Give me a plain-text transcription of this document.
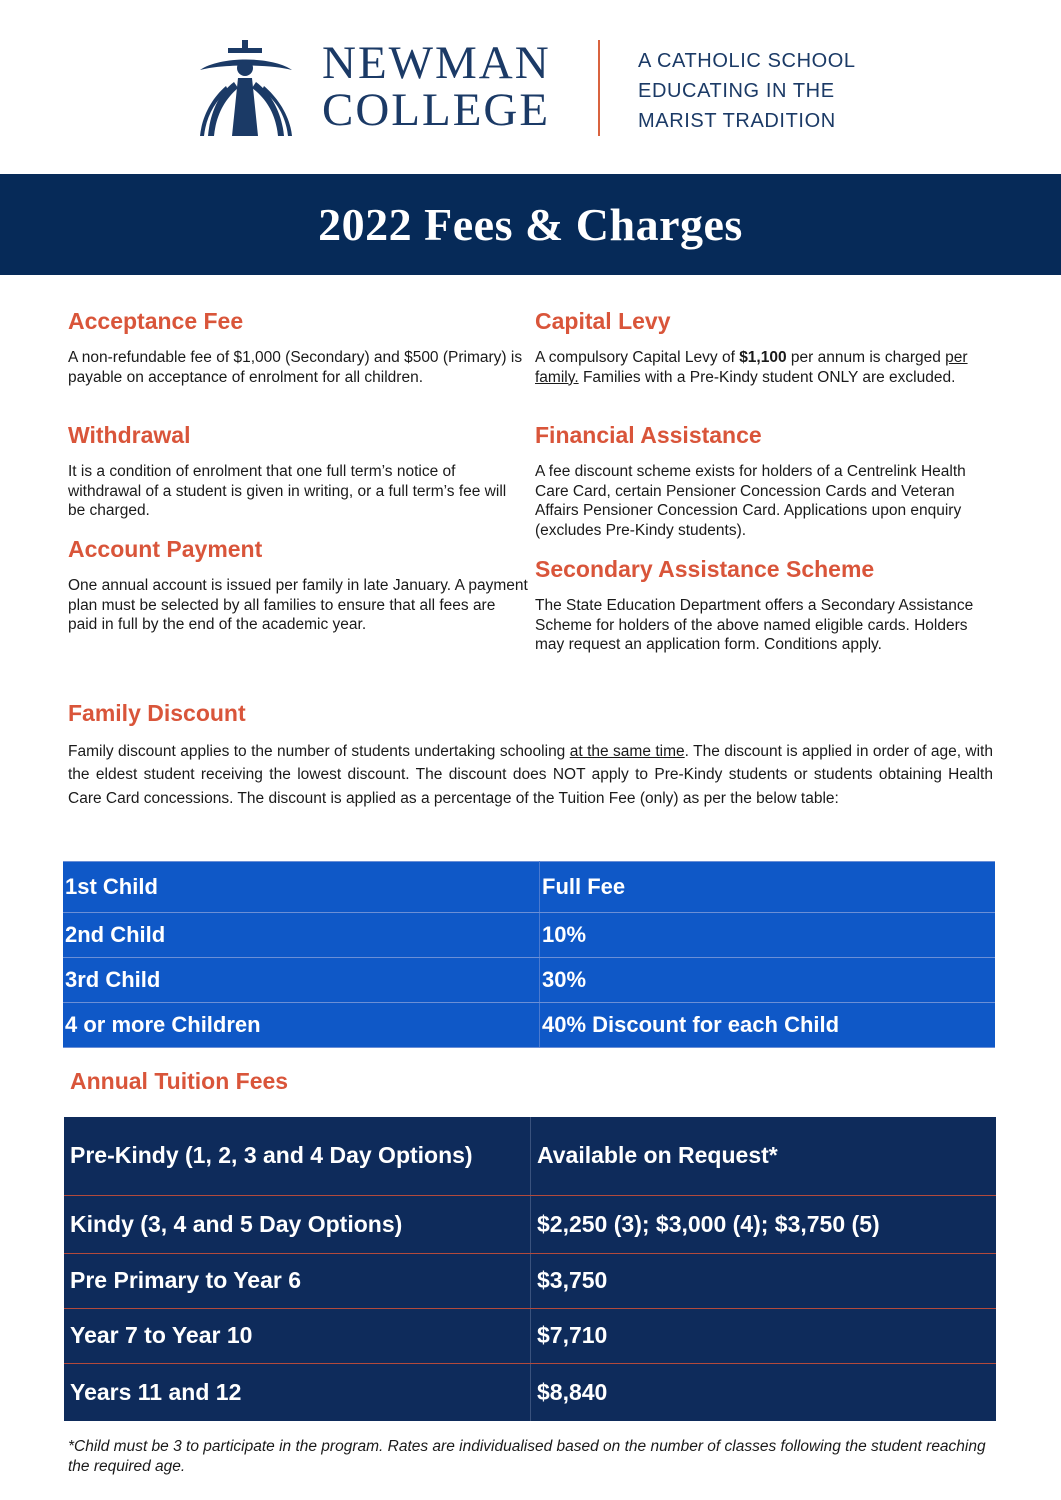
NEWMAN
COLLEGE
A CATHOLIC SCHOOL
EDUCATING IN THE
MARIST TRADITION
2022 Fees & Charges
Acceptance Fee

A non-refundable fee of $1,000 (Secondary) and $500 (Primary) is payable on acceptance of enrolment for all children.

Withdrawal

It is a condition of enrolment that one full term’s notice of withdrawal of a student is given in writing, or a full term’s fee will be charged.

Account Payment

One annual account is issued per family in late January. A payment plan must be selected by all families to ensure that all fees are paid in full by the end of the academic year.

Capital Levy

A compulsory Capital Levy of $1,100 per annum is charged per family. Families with a Pre-Kindy student ONLY are excluded.

Financial Assistance

A fee discount scheme exists for holders of a Centrelink Health Care Card, certain Pensioner Concession Cards and Veteran Affairs Pensioner Concession Card. Applications upon enquiry (excludes Pre-Kindy students).

Secondary Assistance Scheme

The State Education Department offers a Secondary Assistance Scheme for holders of the above named eligible cards. Holders may request an application form. Conditions apply.

Family Discount

Family discount applies to the number of students undertaking schooling at the same time. The discount is applied in order of age, with the eldest student receiving the lowest discount. The discount does NOT apply to Pre-Kindy students or students obtaining Health Care Card concessions. The discount is applied as a percentage of the Tuition Fee (only) as per the below table:

1st Child	Full Fee
2nd Child	10%
3rd Child	30%
4 or more Children	40% Discount for each Child
Annual Tuition Fees
Pre-Kindy (1, 2, 3 and 4 Day Options)	Available on Request*
Kindy (3, 4 and 5 Day Options)	$2,250 (3); $3,000 (4); $3,750 (5)
Pre Primary to Year 6	$3,750
Year 7 to Year 10	$7,710
Years 11 and 12	$8,840
*Child must be 3 to participate in the program. Rates are individualised based on the number of classes following the student reaching the required age.
